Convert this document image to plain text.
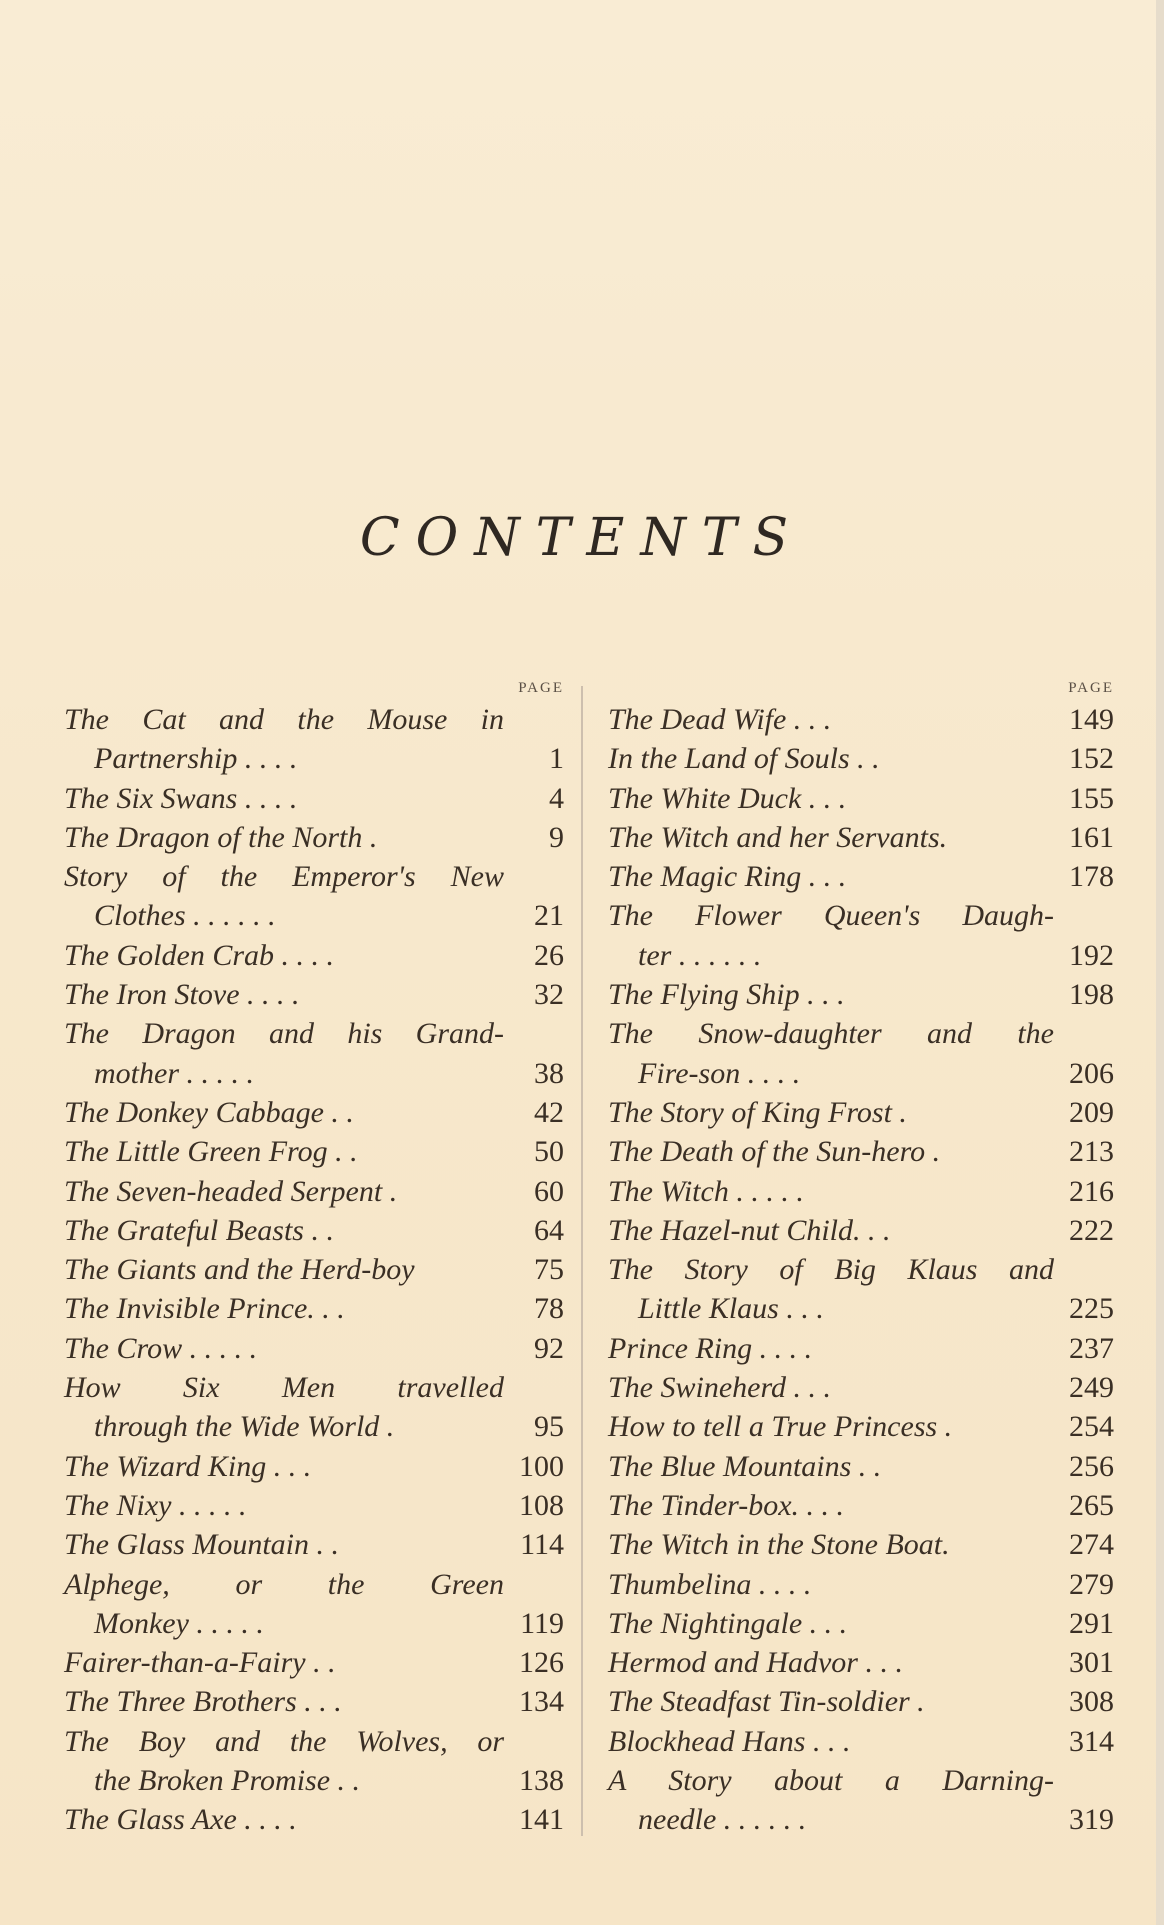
CONTENTS
PAGE
The Cat and the Mouse in
Partnership . . . .	1
The Six Swans . . . .	4
The Dragon of the North .	9
Story of the Emperor's New
Clothes . . . . . .	21
The Golden Crab . . . .	26
The Iron Stove . . . .	32
The Dragon and his Grand-
mother . . . . .	38
The Donkey Cabbage . .	42
The Little Green Frog . .	50
The Seven-headed Serpent .	60
The Grateful Beasts . .	64
The Giants and the Herd-boy	75
The Invisible Prince. . .	78
The Crow . . . . .	92
How Six Men travelled
through the Wide World .	95
The Wizard King . . .	100
The Nixy . . . . .	108
The Glass Mountain . .	114
Alphege, or the Green
Monkey . . . . .	119
Fairer-than-a-Fairy . .	126
The Three Brothers . . .	134
The Boy and the Wolves, or
the Broken Promise . .	138
The Glass Axe . . . .	141
PAGE
The Dead Wife . . .	149
In the Land of Souls . .	152
The White Duck . . .	155
The Witch and her Servants.	161
The Magic Ring . . .	178
The Flower Queen's Daugh-
ter . . . . . .	192
The Flying Ship . . .	198
The Snow-daughter and the
Fire-son . . . .	206
The Story of King Frost .	209
The Death of the Sun-hero .	213
The Witch . . . . .	216
The Hazel-nut Child. . .	222
The Story of Big Klaus and
Little Klaus . . .	225
Prince Ring . . . .	237
The Swineherd . . .	249
How to tell a True Princess .	254
The Blue Mountains . .	256
The Tinder-box. . . .	265
The Witch in the Stone Boat.	274
Thumbelina . . . .	279
The Nightingale . . .	291
Hermod and Hadvor . . .	301
The Steadfast Tin-soldier .	308
Blockhead Hans . . .	314
A Story about a Darning-
needle . . . . . .	319
